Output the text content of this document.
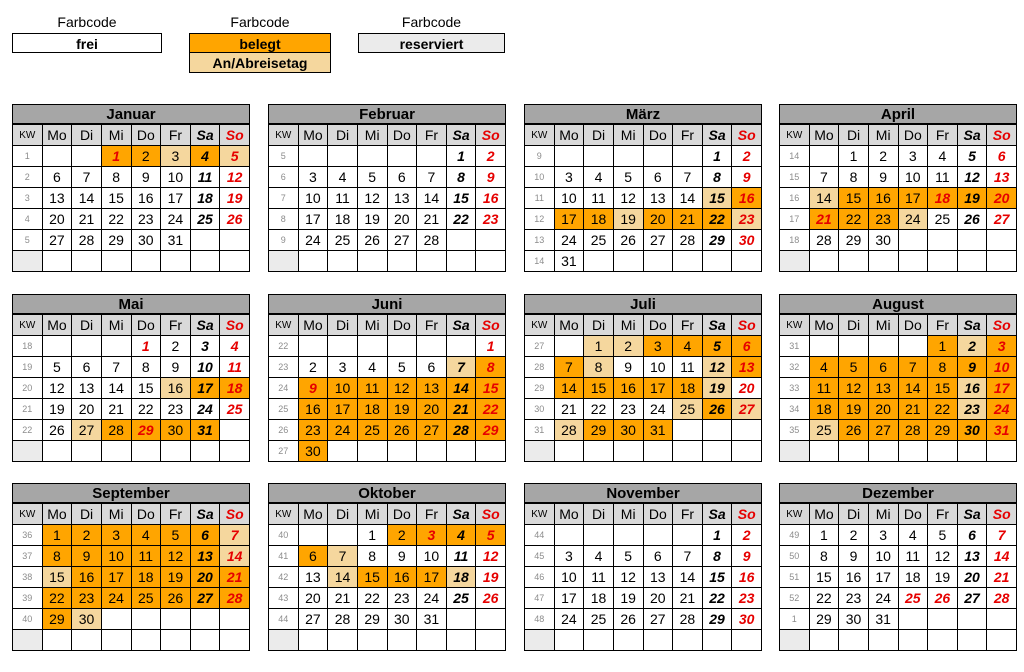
Farbcode
frei
Farbcode
belegt
An/Abreisetag
Farbcode
reserviert
Januar
KW	Mo	Di	Mi	Do	Fr	Sa	So
1			1	2	3	4	5
2	6	7	8	9	10	11	12
3	13	14	15	16	17	18	19
4	20	21	22	23	24	25	26
5	27	28	29	30	31		

Februar
KW	Mo	Di	Mi	Do	Fr	Sa	So
5						1	2
6	3	4	5	6	7	8	9
7	10	11	12	13	14	15	16
8	17	18	19	20	21	22	23
9	24	25	26	27	28		

März
KW	Mo	Di	Mi	Do	Fr	Sa	So
9						1	2
10	3	4	5	6	7	8	9
11	10	11	12	13	14	15	16
12	17	18	19	20	21	22	23
13	24	25	26	27	28	29	30
14	31						
April
KW	Mo	Di	Mi	Do	Fr	Sa	So
14		1	2	3	4	5	6
15	7	8	9	10	11	12	13
16	14	15	16	17	18	19	20
17	21	22	23	24	25	26	27
18	28	29	30				

Mai
KW	Mo	Di	Mi	Do	Fr	Sa	So
18				1	2	3	4
19	5	6	7	8	9	10	11
20	12	13	14	15	16	17	18
21	19	20	21	22	23	24	25
22	26	27	28	29	30	31	

Juni
KW	Mo	Di	Mi	Do	Fr	Sa	So
22							1
23	2	3	4	5	6	7	8
24	9	10	11	12	13	14	15
25	16	17	18	19	20	21	22
26	23	24	25	26	27	28	29
27	30						
Juli
KW	Mo	Di	Mi	Do	Fr	Sa	So
27		1	2	3	4	5	6
28	7	8	9	10	11	12	13
29	14	15	16	17	18	19	20
30	21	22	23	24	25	26	27
31	28	29	30	31			

August
KW	Mo	Di	Mi	Do	Fr	Sa	So
31					1	2	3
32	4	5	6	7	8	9	10
33	11	12	13	14	15	16	17
34	18	19	20	21	22	23	24
35	25	26	27	28	29	30	31

September
KW	Mo	Di	Mi	Do	Fr	Sa	So
36	1	2	3	4	5	6	7
37	8	9	10	11	12	13	14
38	15	16	17	18	19	20	21
39	22	23	24	25	26	27	28
40	29	30					

Oktober
KW	Mo	Di	Mi	Do	Fr	Sa	So
40			1	2	3	4	5
41	6	7	8	9	10	11	12
42	13	14	15	16	17	18	19
43	20	21	22	23	24	25	26
44	27	28	29	30	31		

November
KW	Mo	Di	Mi	Do	Fr	Sa	So
44						1	2
45	3	4	5	6	7	8	9
46	10	11	12	13	14	15	16
47	17	18	19	20	21	22	23
48	24	25	26	27	28	29	30

Dezember
KW	Mo	Di	Mi	Do	Fr	Sa	So
49	1	2	3	4	5	6	7
50	8	9	10	11	12	13	14
51	15	16	17	18	19	20	21
52	22	23	24	25	26	27	28
1	29	30	31				
